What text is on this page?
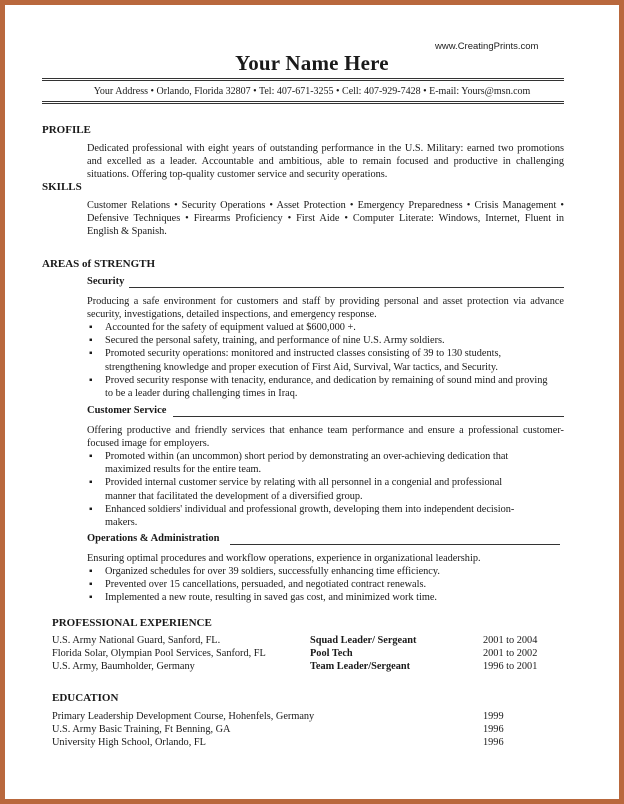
www.CreatingPrints.com
Your Name Here
Your Address • Orlando, Florida 32807 • Tel: 407-671-3255 • Cell: 407-929-7428 • E-mail: Yours@msn.com
PROFILE

Dedicated professional with eight years of outstanding performance in the U.S. Military: earned two promotions and excelled as a leader. Accountable and ambitious, able to remain focused and productive in challenging situations. Offering top-quality customer service and security operations.

SKILLS

Customer Relations • Security Operations • Asset Protection • Emergency Preparedness • Crisis Management • Defensive Techniques • Firearms Proficiency • First Aide • Computer Literate: Windows, Internet, Fluent in English & Spanish.

AREAS of STRENGTH
Security

Producing a safe environment for customers and staff by providing personal and asset protection via advance security, investigations, detailed inspections, and emergency response.

▪ Accounted for the safety of equipment valued at $600,000 +.
▪ Secured the personal safety, training, and performance of nine U.S. Army soldiers.
▪ Promoted security operations: monitored and instructed classes consisting of 39 to 130 students, strengthening knowledge and proper execution of First Aid, Survival, War tactics, and Security.
▪ Proved security response with tenacity, endurance, and dedication by remaining of sound mind and proving to be a leader during challenging times in Iraq.
Customer Service

Offering productive and friendly services that enhance team performance and ensure a professional customer-focused image for employers.

▪ Promoted within (an uncommon) short period by demonstrating an over-achieving dedication that maximized results for the entire team.
▪ Provided internal customer service by relating with all personnel in a congenial and professional manner that facilitated the development of a diversified group.
▪ Enhanced soldiers' individual and professional growth, developing them into independent decision-makers.
Operations & Administration

Ensuring optimal procedures and workflow operations, experience in organizational leadership.

▪ Organized schedules for over 39 soldiers, successfully enhancing time efficiency.
▪ Prevented over 15 cancellations, persuaded, and negotiated contract renewals.
▪ Implemented a new route, resulting in saved gas cost, and minimized work time.
PROFESSIONAL EXPERIENCE
EDUCATION
U.S. Army National Guard, Sanford, FL.	Squad Leader/ Sergeant	2001 to 2004
Florida Solar, Olympian Pool Services, Sanford, FL	Pool Tech	2001 to 2002
U.S. Army, Baumholder, Germany	Team Leader/Sergeant	1996 to 2001
Primary Leadership Development Course, Hohenfels, Germany	1999
U.S. Army Basic Training, Ft Benning, GA	1996
University High School, Orlando, FL	1996
